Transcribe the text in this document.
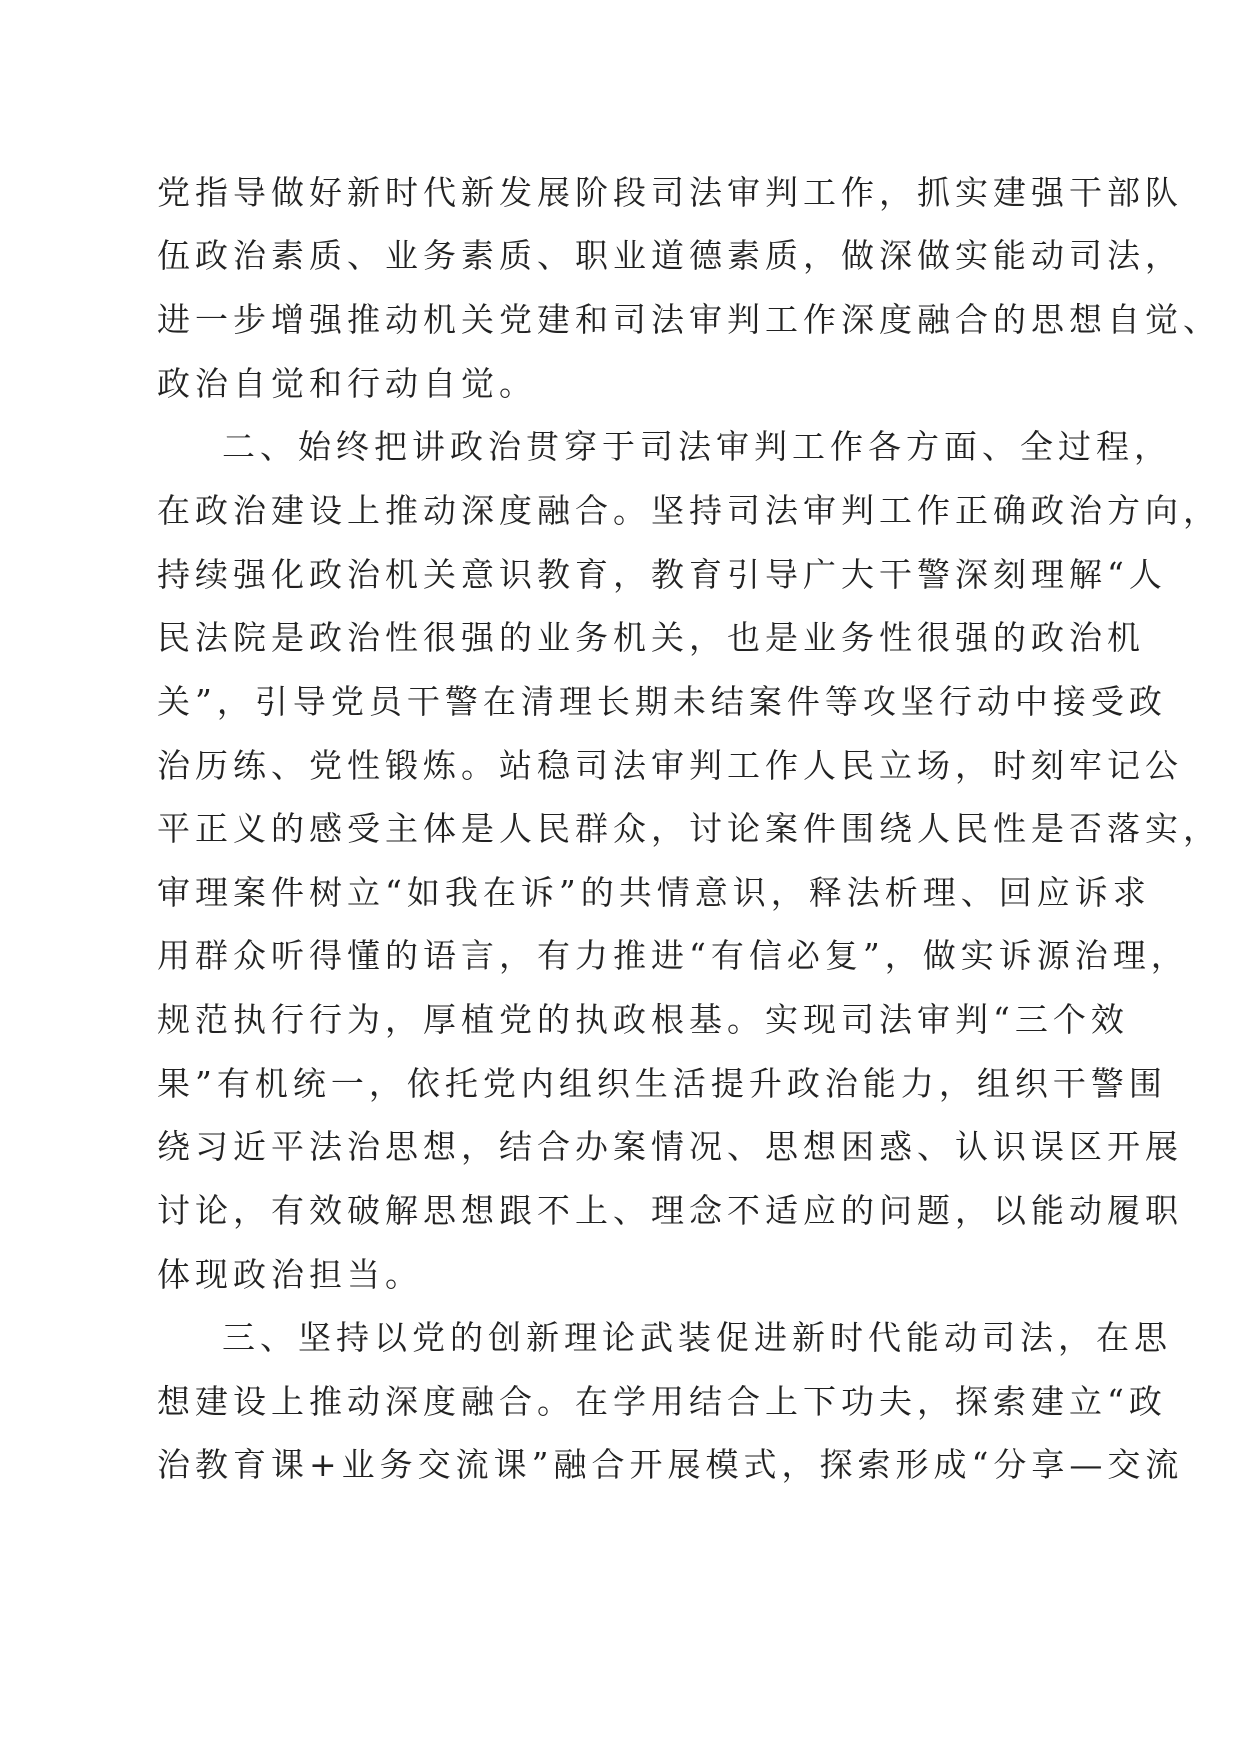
党指导做好新时代新发展阶段司法审判工作，抓实建强干部队
伍政治素质、业务素质、职业道德素质，做深做实能动司法，
进一步增强推动机关党建和司法审判工作深度融合的思想自觉、
政治自觉和行动自觉。
二、始终把讲政治贯穿于司法审判工作各方面、全过程，
在政治建设上推动深度融合。坚持司法审判工作正确政治方向，
持续强化政治机关意识教育，教育引导广大干警深刻理解“人
民法院是政治性很强的业务机关，也是业务性很强的政治机
关”，引导党员干警在清理长期未结案件等攻坚行动中接受政
治历练、党性锻炼。站稳司法审判工作人民立场，时刻牢记公
平正义的感受主体是人民群众，讨论案件围绕人民性是否落实，
审理案件树立“如我在诉”的共情意识，释法析理、回应诉求
用群众听得懂的语言，有力推进“有信必复”，做实诉源治理，
规范执行行为，厚植党的执政根基。实现司法审判“三个效
果”有机统一，依托党内组织生活提升政治能力，组织干警围
绕习近平法治思想，结合办案情况、思想困惑、认识误区开展
讨论，有效破解思想跟不上、理念不适应的问题，以能动履职
体现政治担当。
三、坚持以党的创新理论武装促进新时代能动司法，在思
想建设上推动深度融合。在学用结合上下功夫，探索建立“政
治教育课+业务交流课”融合开展模式，探索形成“分享—交流
